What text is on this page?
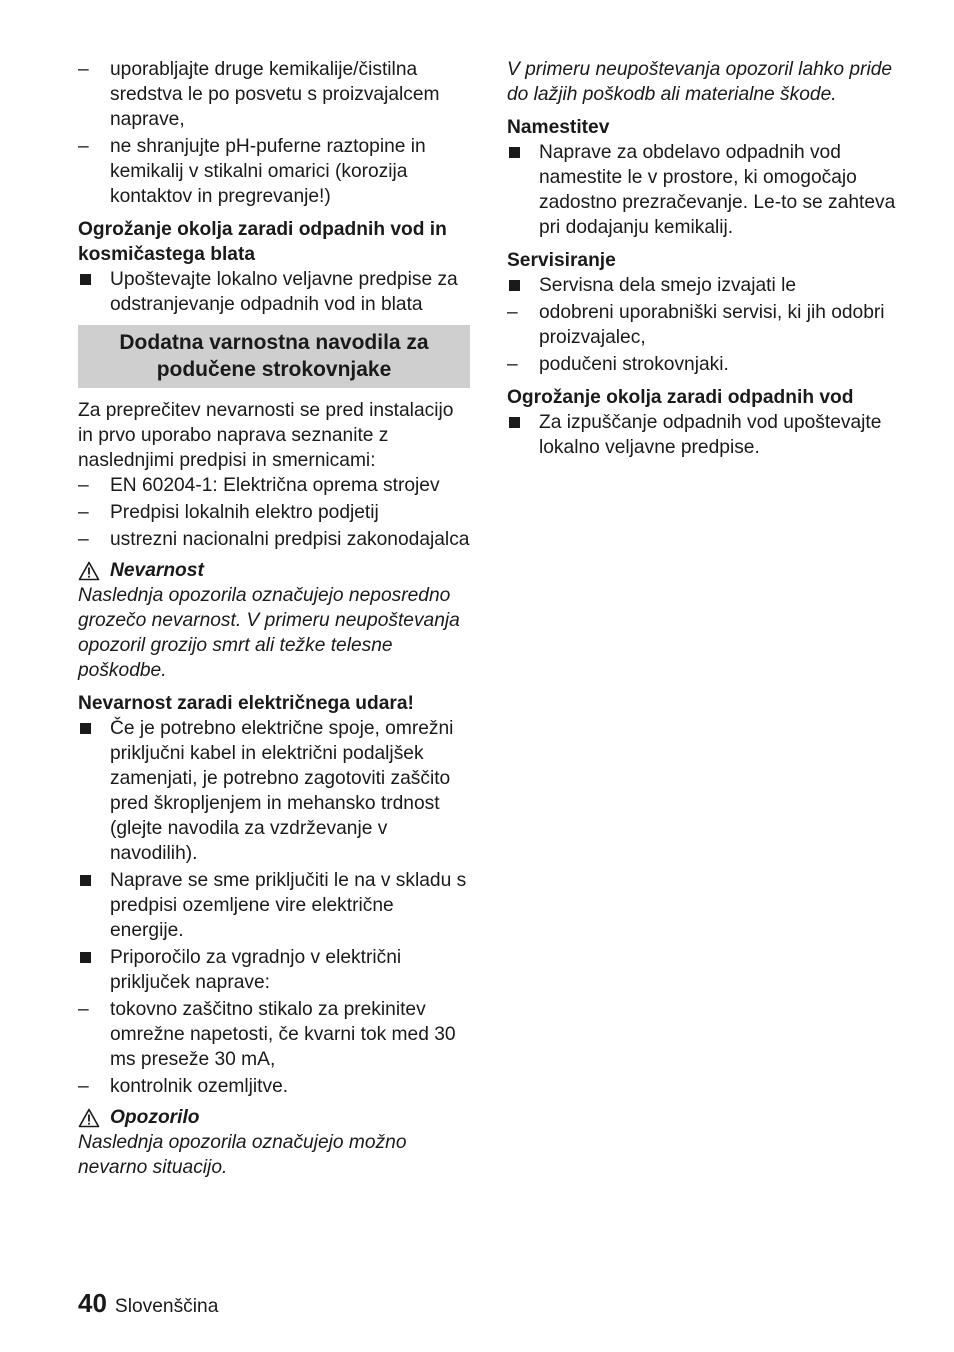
–	uporabljajte druge kemikalije/čistilna sredstva le po posvetu s proizvajalcem naprave,
–	ne shranjujte pH-puferne raztopine in kemikalij v stikalni omarici (korozija kontaktov in pregrevanje!)
Ogrožanje okolja zaradi odpadnih vod in kosmičastega blata
Upoštevajte lokalno veljavne predpise za odstranjevanje odpadnih vod in blata
Dodatna varnostna navodila za podučene strokovnjake
Za preprečitev nevarnosti se pred instalacijo in prvo uporabo naprava seznanite z naslednjimi predpisi in smernicami:
–	EN 60204-1: Električna oprema strojev
–	Predpisi lokalnih elektro podjetij
–	ustrezni nacionalni predpisi zakonodajalca
Nevarnost
Naslednja opozorila označujejo neposredno grozečo nevarnost. V primeru neupoštevanja opozoril grozijo smrt ali težke telesne poškodbe.
Nevarnost zaradi električnega udara!
Če je potrebno električne spoje, omrežni priključni kabel in električni podaljšek zamenjati, je potrebno zagotoviti zaščito pred škropljenjem in mehansko trdnost (glejte navodila za vzdrževanje v navodilih).
Naprave se sme priključiti le na v skladu s predpisi ozemljene vire električne energije.
Priporočilo za vgradnjo v električni priključek naprave:
–	tokovno zaščitno stikalo za prekinitev omrežne napetosti, če kvarni tok med 30 ms preseže 30 mA,
–	kontrolnik ozemljitve.
Opozorilo
Naslednja opozorila označujejo možno nevarno situacijo.
V primeru neupoštevanja opozoril lahko pride do lažjih poškodb ali materialne škode.
Namestitev
Naprave za obdelavo odpadnih vod namestite le v prostore, ki omogočajo zadostno prezračevanje. Le-to se zahteva pri dodajanju kemikalij.
Servisiranje
Servisna dela smejo izvajati le
–	odobreni uporabniški servisi, ki jih odobri proizvajalec,
–	podučeni strokovnjaki.
Ogrožanje okolja zaradi odpadnih vod
Za izpuščanje odpadnih vod upoštevajte lokalno veljavne predpise.
40 Slovenščina
